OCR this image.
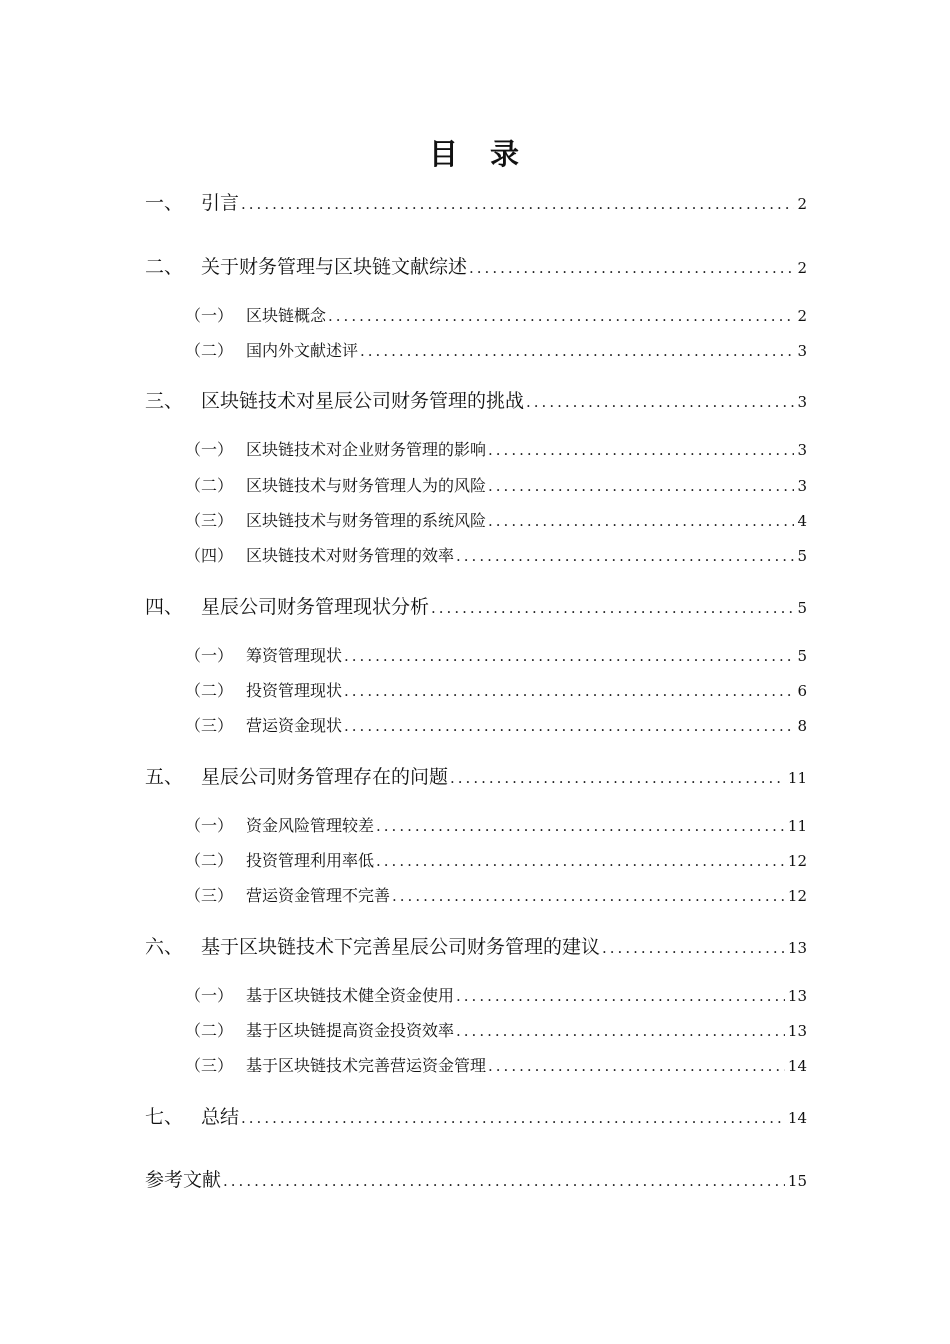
目 录
一、 引言 .....	2
二、 关于财务管理与区块链文献综述 .....	2
（一） 区块链概念 .....	2
（二） 国内外文献述评 .....	3
三、 区块链技术对星辰公司财务管理的挑战 .....	3
（一） 区块链技术对企业财务管理的影响 .....	3
（二） 区块链技术与财务管理人为的风险 .....	3
（三） 区块链技术与财务管理的系统风险 .....	4
（四） 区块链技术对财务管理的效率 .....	5
四、 星辰公司财务管理现状分析 .....	5
（一） 筹资管理现状 .....	5
（二） 投资管理现状 .....	6
（三） 营运资金现状 .....	8
五、 星辰公司财务管理存在的问题 .....	11
（一） 资金风险管理较差 .....	11
（二） 投资管理利用率低 .....	12
（三） 营运资金管理不完善 .....	12
六、 基于区块链技术下完善星辰公司财务管理的建议 .....	13
（一） 基于区块链技术健全资金使用 .....	13
（二） 基于区块链提高资金投资效率 .....	13
（三） 基于区块链技术完善营运资金管理 .....	14
七、 总结 .....	14
参考文献 .....	15
